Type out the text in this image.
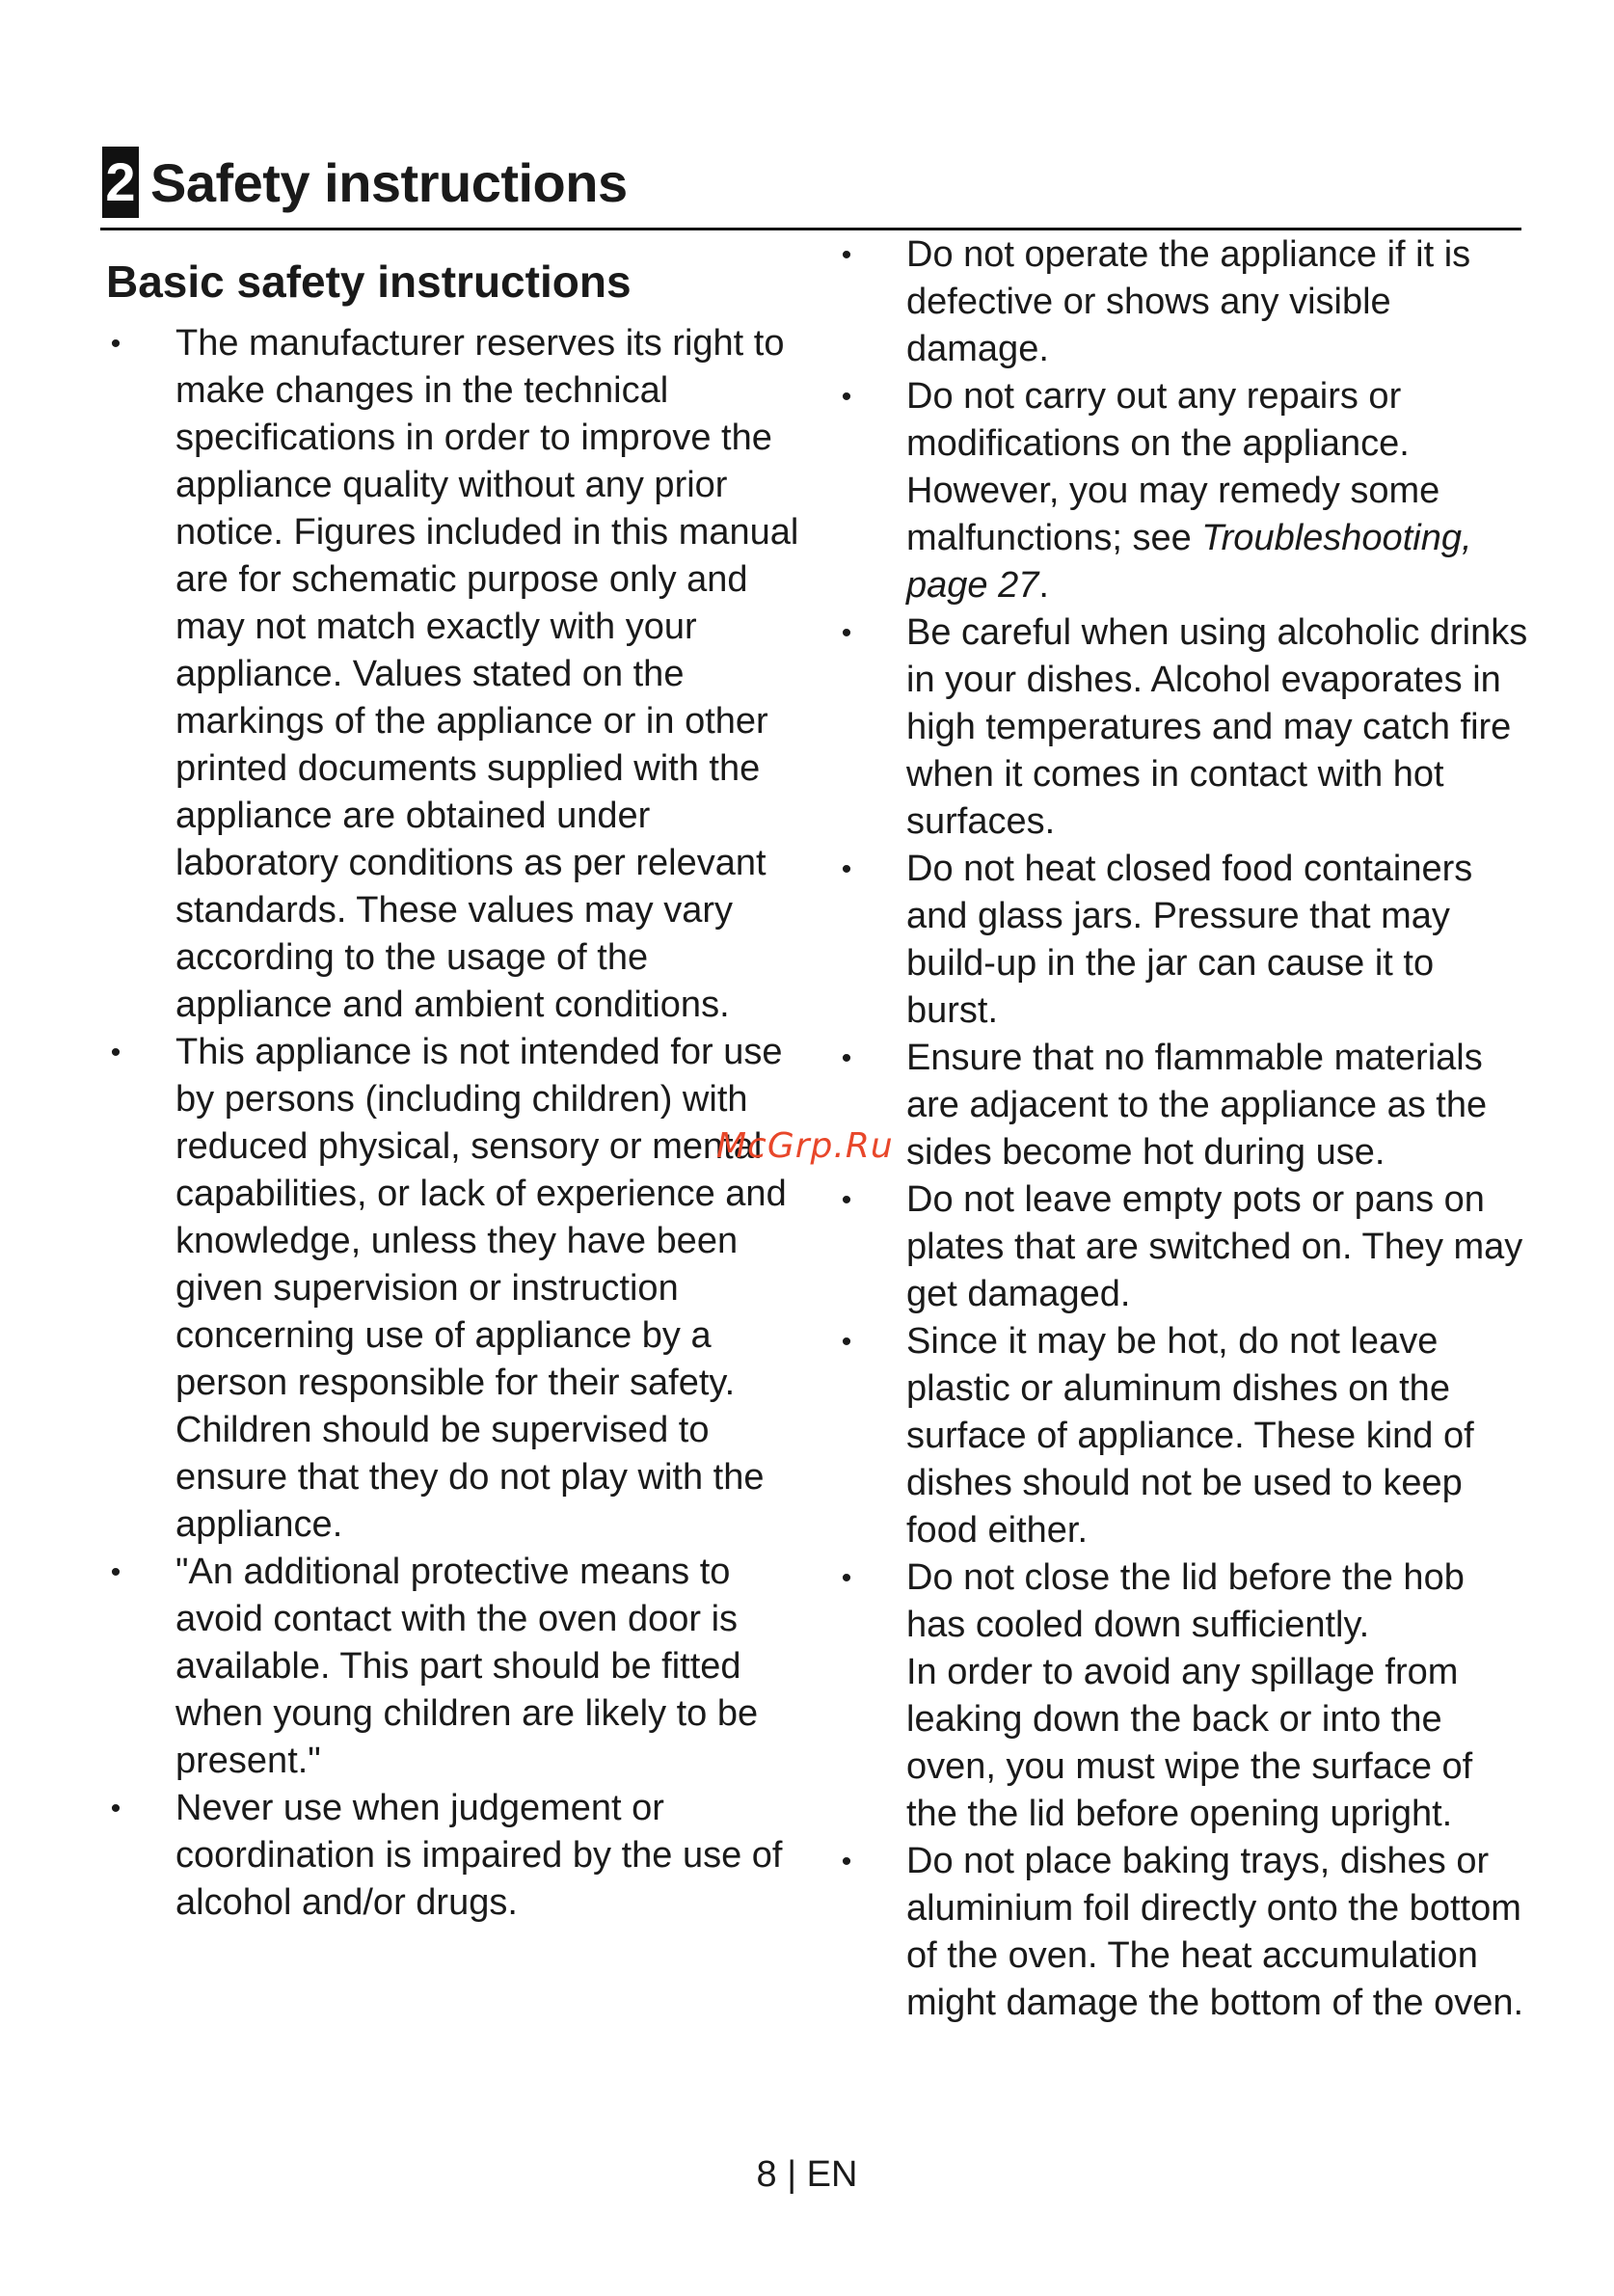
2 Safety instructions
Basic safety instructions
• The manufacturer reserves its right to make changes in the technical specifications in order to improve the appliance quality without any prior notice. Figures included in this manual are for schematic purpose only and may not match exactly with your appliance. Values stated on the markings of the appliance or in other printed documents supplied with the appliance are obtained under laboratory conditions as per relevant standards. These values may vary according to the usage of the appliance and ambient conditions.
• This appliance is not intended for use by persons (including children) with reduced physical, sensory or mental capabilities, or lack of experience and knowledge, unless they have been given supervision or instruction concerning use of appliance by a person responsible for their safety.
Children should be supervised to ensure that they do not play with the appliance.
• "An additional protective means to avoid contact with the oven door is available. This part should be fitted when young children are likely to be present."
• Never use when judgement or coordination is impaired by the use of alcohol and/or drugs.
• Do not operate the appliance if it is defective or shows any visible damage.
• Do not carry out any repairs or modifications on the appliance. However, you may remedy some malfunctions; see Troubleshooting, page 27.
• Be careful when using alcoholic drinks in your dishes. Alcohol evaporates in high temperatures and may catch fire when it comes in contact with hot surfaces.
• Do not heat closed food containers and glass jars. Pressure that may build-up in the jar can cause it to burst.
• Ensure that no flammable materials are adjacent to the appliance as the sides become hot during use.
• Do not leave empty pots or pans on plates that are switched on. They may get damaged.
• Since it may be hot, do not leave plastic or aluminum dishes on the surface of appliance. These kind of dishes should not be used to keep food either.
• Do not close the lid before the hob has cooled down sufficiently.
In order to avoid any spillage from leaking down the back or into the oven, you must wipe the surface of the the lid before opening upright.
• Do not place baking trays, dishes or aluminium foil directly onto the bottom of the oven. The heat accumulation might damage the bottom of the oven.
McGrp.Ru
8 | EN
